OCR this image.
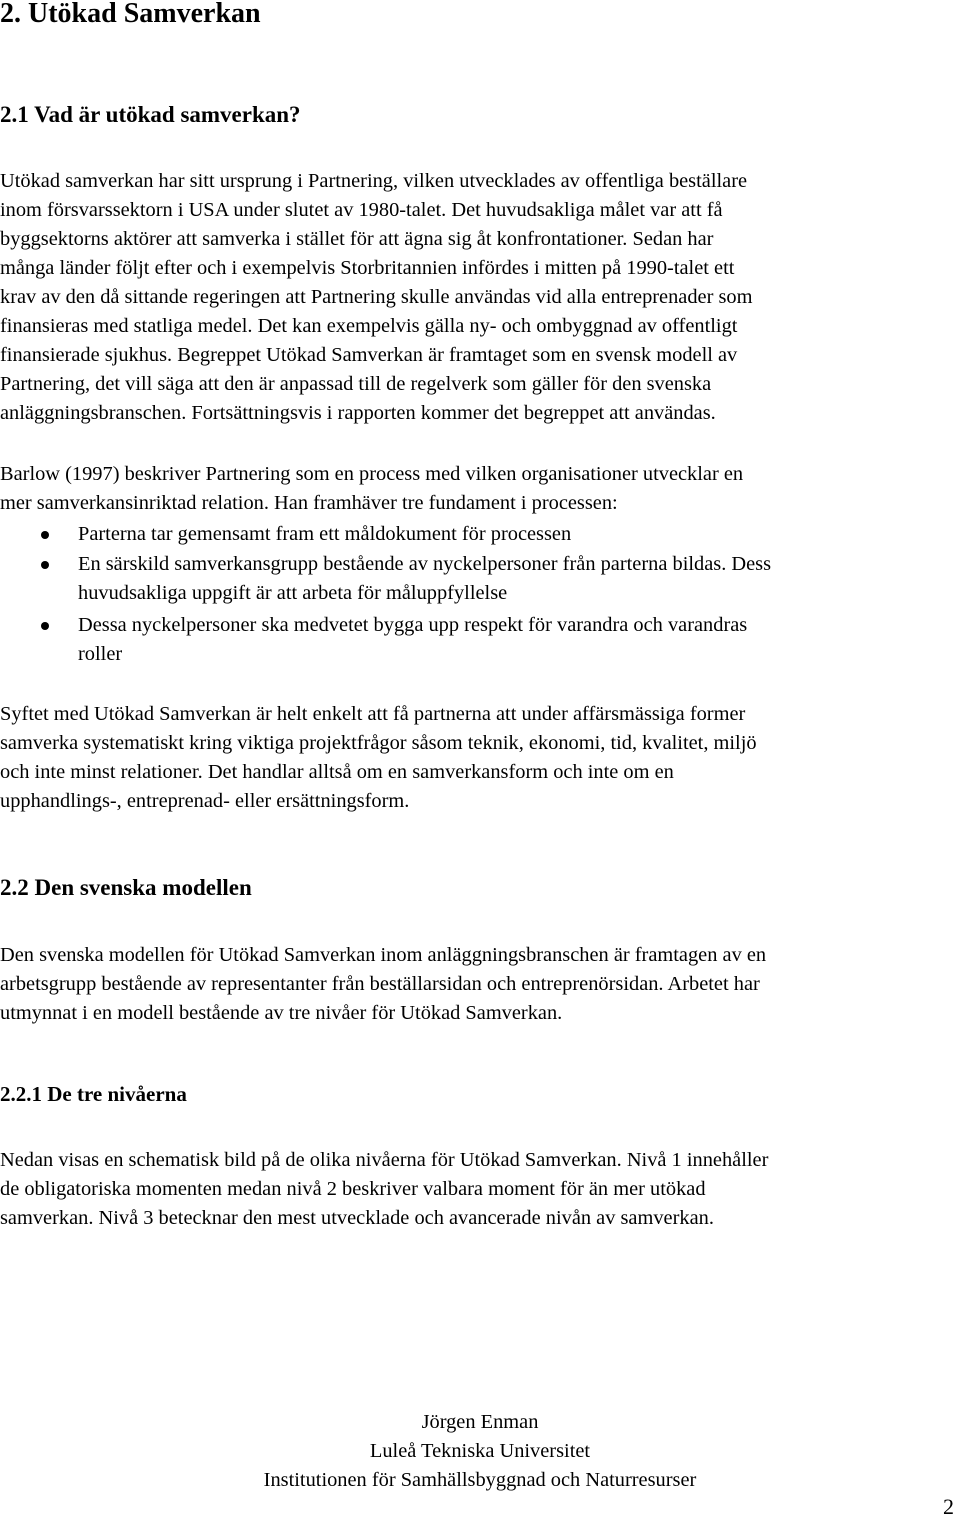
2. Utökad Samverkan
2.1 Vad är utökad samverkan?

Utökad samverkan har sitt ursprung i Partnering, vilken utvecklades av offentliga beställare
inom försvarssektorn i USA under slutet av 1980-talet. Det huvudsakliga målet var att få
byggsektorns aktörer att samverka i stället för att ägna sig åt konfrontationer. Sedan har
många länder följt efter och i exempelvis Storbritannien infördes i mitten på 1990-talet ett
krav av den då sittande regeringen att Partnering skulle användas vid alla entreprenader som
finansieras med statliga medel. Det kan exempelvis gälla ny- och ombyggnad av offentligt
finansierade sjukhus. Begreppet Utökad Samverkan är framtaget som en svensk modell av
Partnering, det vill säga att den är anpassad till de regelverk som gäller för den svenska
anläggningsbranschen. Fortsättningsvis i rapporten kommer det begreppet att användas.

Barlow (1997) beskriver Partnering som en process med vilken organisationer utvecklar en
mer samverkansinriktad relation. Han framhäver tre fundament i processen:

Parterna tar gemensamt fram ett måldokument för processen
En särskild samverkansgrupp bestående av nyckelpersoner från parterna bildas. Dess
huvudsakliga uppgift är att arbeta för måluppfyllelse
Dessa nyckelpersoner ska medvetet bygga upp respekt för varandra och varandras
roller

Syftet med Utökad Samverkan är helt enkelt att få partnerna att under affärsmässiga former
samverka systematiskt kring viktiga projektfrågor såsom teknik, ekonomi, tid, kvalitet, miljö
och inte minst relationer. Det handlar alltså om en samverkansform och inte om en
upphandlings-, entreprenad- eller ersättningsform.

2.2 Den svenska modellen

Den svenska modellen för Utökad Samverkan inom anläggningsbranschen är framtagen av en
arbetsgrupp bestående av representanter från beställarsidan och entreprenörsidan. Arbetet har
utmynnat i en modell bestående av tre nivåer för Utökad Samverkan.

2.2.1 De tre nivåerna

Nedan visas en schematisk bild på de olika nivåerna för Utökad Samverkan. Nivå 1 innehåller
de obligatoriska momenten medan nivå 2 beskriver valbara moment för än mer utökad
samverkan. Nivå 3 betecknar den mest utvecklade och avancerade nivån av samverkan.

Jörgen Enman
Luleå Tekniska Universitet
Institutionen för Samhällsbyggnad och Naturresurser
2
